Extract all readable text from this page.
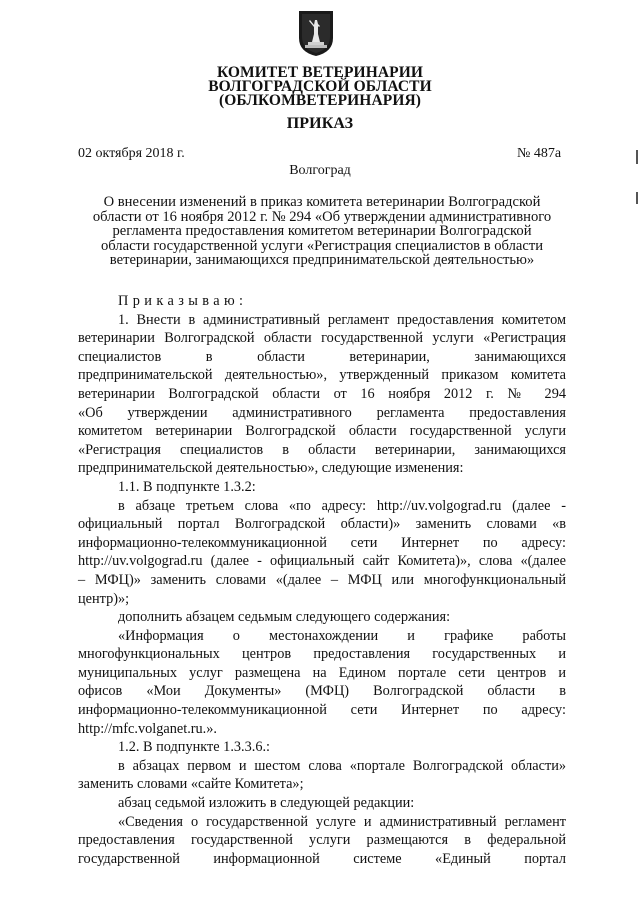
КОМИТЕТ ВЕТЕРИНАРИИ
ВОЛГОГРАДСКОЙ ОБЛАСТИ
(ОБЛКОМВЕТЕРИНАРИЯ)
ПРИКАЗ
02 октября 2018 г.	№ 487а
Волгоград
О внесении изменений в приказ комитета ветеринарии Волгоградской
области от 16 ноября 2012 г. № 294 «Об утверждении административного
регламента предоставления комитетом ветеринарии Волгоградской
области государственной услуги «Регистрация специалистов в области
ветеринарии, занимающихся предпринимательской деятельностью»
Приказываю:
1. Внести в административный регламент предоставления комитетом
ветеринарии Волгоградской области государственной услуги «Регистрация
специалистов в области ветеринарии, занимающихся
предпринимательской деятельностью», утвержденный приказом комитета
ветеринарии Волгоградской области от 16 ноября 2012 г. № 294
«Об утверждении административного регламента предоставления
комитетом ветеринарии Волгоградской области государственной услуги
«Регистрация специалистов в области ветеринарии, занимающихся
предпринимательской деятельностью», следующие изменения:
1.1. В подпункте 1.3.2:
в абзаце третьем слова «по адресу: http://uv.volgograd.ru (далее -
официальный портал Волгоградской области)» заменить словами «в
информационно-телекоммуникационной сети Интернет по адресу:
http://uv.volgograd.ru (далее - официальный сайт Комитета)», слова «(далее
– МФЦ)» заменить словами «(далее – МФЦ или многофункциональный
центр)»;
дополнить абзацем седьмым следующего содержания:
«Информация о местонахождении и графике работы
многофункциональных центров предоставления государственных и
муниципальных услуг размещена на Едином портале сети центров и
офисов «Мои Документы» (МФЦ) Волгоградской области в
информационно-телекоммуникационной сети Интернет по адресу:
http://mfc.volganet.ru.».
1.2. В подпункте 1.3.3.6.:
в абзацах первом и шестом слова «портале Волгоградской области»
заменить словами «сайте Комитета»;
абзац седьмой изложить в следующей редакции:
«Сведения о государственной услуге и административный регламент
предоставления государственной услуги размещаются в федеральной
государственной информационной системе «Единый портал
